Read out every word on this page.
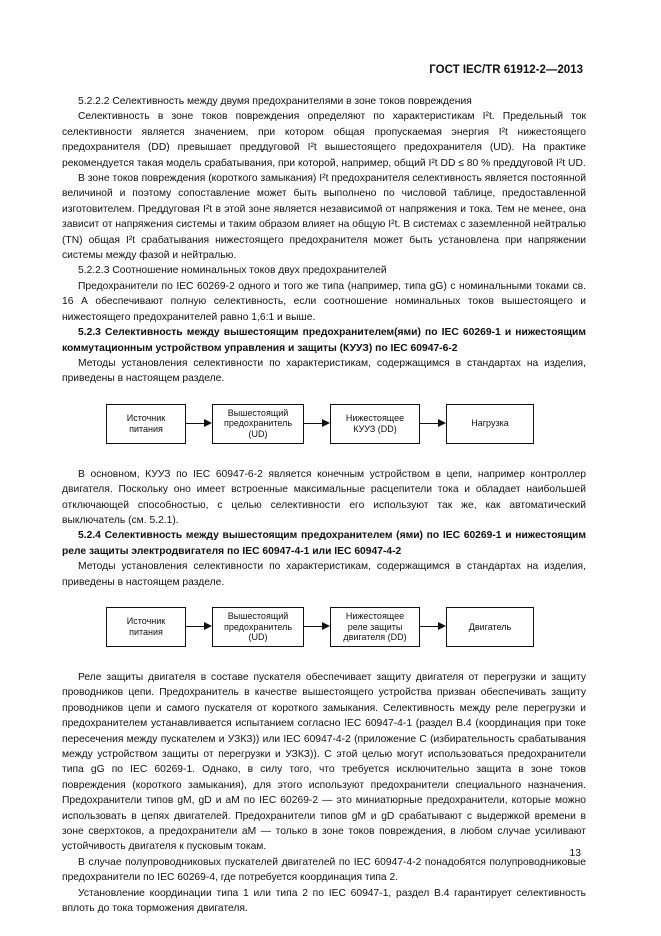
ГОСТ IEC/TR 61912-2—2013

5.2.2.2 Селективность между двумя предохранителями в зоне токов повреждения

Селективность в зоне токов повреждения определяют по характеристикам I²t. Предельный ток селективности является значением, при котором общая пропускаемая энергия I²t нижестоящего предохранителя (DD) превышает преддуговой I²t вышестоящего предохранителя (UD). На практике рекомендуется такая модель срабатывания, при которой, например, общий I²t DD ≤ 80 % преддуговой I²t UD.

В зоне токов повреждения (короткого замыкания) I²t предохранителя селективность является постоянной величиной и поэтому сопоставление может быть выполнено по числовой таблице, предоставленной изготовителем. Преддуговая I²t в этой зоне является независимой от напряжения и тока. Тем не менее, она зависит от напряжения системы и таким образом влияет на общую I²t. В системах с заземленной нейтралью (TN) общая I²t срабатывания нижестоящего предохранителя может быть установлена при напряжении системы между фазой и нейтралью.

5.2.2.3 Соотношение номинальных токов двух предохранителей

Предохранители по IEC 60269-2 одного и того же типа (например, типа gG) с номинальными токами св. 16 А обеспечивают полную селективность, если соотношение номинальных токов вышестоящего и нижестоящего предохранителей равно 1,6:1 и выше.

5.2.3 Селективность между вышестоящим предохранителем(ями) по IEC 60269-1 и нижестоящим коммутационным устройством управления и защиты (КУУЗ) по IEC 60947-6-2

Методы установления селективности по характеристикам, содержащимся в стандартах на изделия, приведены в настоящем разделе.

Источник питания
Вышестоящий предохранитель (UD)
Нижестоящее КУУЗ (DD)
Нагрузка

В основном, КУУЗ по IEC 60947-6-2 является конечным устройством в цепи, например контроллер двигателя. Поскольку оно имеет встроенные максимальные расцепители тока и обладает наибольшей отключающей способностью, с целью селективности его используют так же, как автоматический выключатель (см. 5.2.1).

5.2.4 Селективность между вышестоящим предохранителем (ями) по IEC 60269-1 и нижестоящим реле защиты электродвигателя по IEC 60947-4-1 или IEC 60947-4-2

Методы установления селективности по характеристикам, содержащимся в стандартах на изделия, приведены в настоящем разделе.

Источник питания
Вышестоящий предохранитель (UD)
Нижестоящее реле защиты двигателя (DD)
Двигатель

Реле защиты двигателя в составе пускателя обеспечивает защиту двигателя от перегрузки и защиту проводников цепи. Предохранитель в качестве вышестоящего устройства призван обеспечивать защиту проводников цепи и самого пускателя от короткого замыкания. Селективность между реле перегрузки и предохранителем устанавливается испытанием согласно IEC 60947-4-1 (раздел В.4 (координация при токе пересечения между пускателем и УЗКЗ)) или IEC 60947-4-2 (приложение С (избирательность срабатывания между устройством защиты от перегрузки и УЗКЗ)). С этой целью могут использоваться предохранители типа gG по IEC 60269-1. Однако, в силу того, что требуется исключительно защита в зоне токов повреждения (короткого замыкания), для этого используют предохранители специального назначения. Предохранители типов gM, gD и aM по IEC 60269-2 — это миниатюрные предохранители, которые можно использовать в цепях двигателей. Предохранители типов gM и gD срабатывают с выдержкой времени в зоне сверхтоков, а предохранители aM — только в зоне токов повреждения, в любом случае усиливают устойчивость двигателя к пусковым токам.

В случае полупроводниковых пускателей двигателей по IEC 60947-4-2 понадобятся полупроводниковые предохранители по IEC 60269-4, где потребуется координация типа 2.

Установление координации типа 1 или типа 2 по IEC 60947-1, раздел В.4 гарантирует селективность вплоть до тока торможения двигателя.

13
